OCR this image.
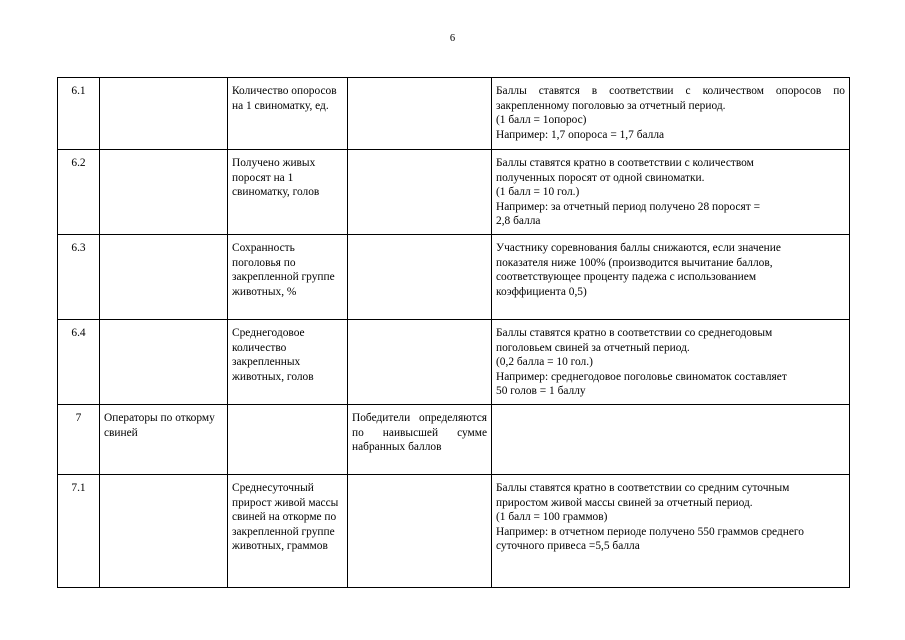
6
6.1		Количество опоросов на 1 свиноматку, ед.		Баллы ставятся в соответствии с количеством опоросов по
закрепленному поголовью за отчетный период.
(1 балл = 1опорос)
Например: 1,7 опороса = 1,7 балла

6.2		Получено живых поросят на 1 свиноматку, голов		Баллы ставятся кратно в соответствии с количеством
полученных поросят от одной свиноматки.
(1 балл = 10 гол.)
Например: за отчетный период получено 28 поросят =
2,8 балла

6.3		Сохранность поголовья по закрепленной группе животных, %		Участнику соревнования баллы снижаются, если значение
показателя ниже 100% (производится вычитание баллов,
соответствующее проценту падежа с использованием
коэффициента 0,5)

6.4		Среднегодовое количество закрепленных животных, голов		Баллы ставятся кратно в соответствии со среднегодовым
поголовьем свиней за отчетный период.
(0,2 балла = 10 гол.)
Например: среднегодовое поголовье свиноматок составляет
50 голов = 1 баллу

7	Операторы по откорму свиней		Победители определяются по наивысшей сумме набранных баллов	
7.1		Среднесуточный прирост живой массы свиней на откорме по закрепленной группе животных, граммов		Баллы ставятся кратно в соответствии со средним суточным
приростом живой массы свиней за отчетный период.
(1 балл = 100 граммов)
Например: в отчетном периоде получено 550 граммов среднего
суточного привеса =5,5 балла
